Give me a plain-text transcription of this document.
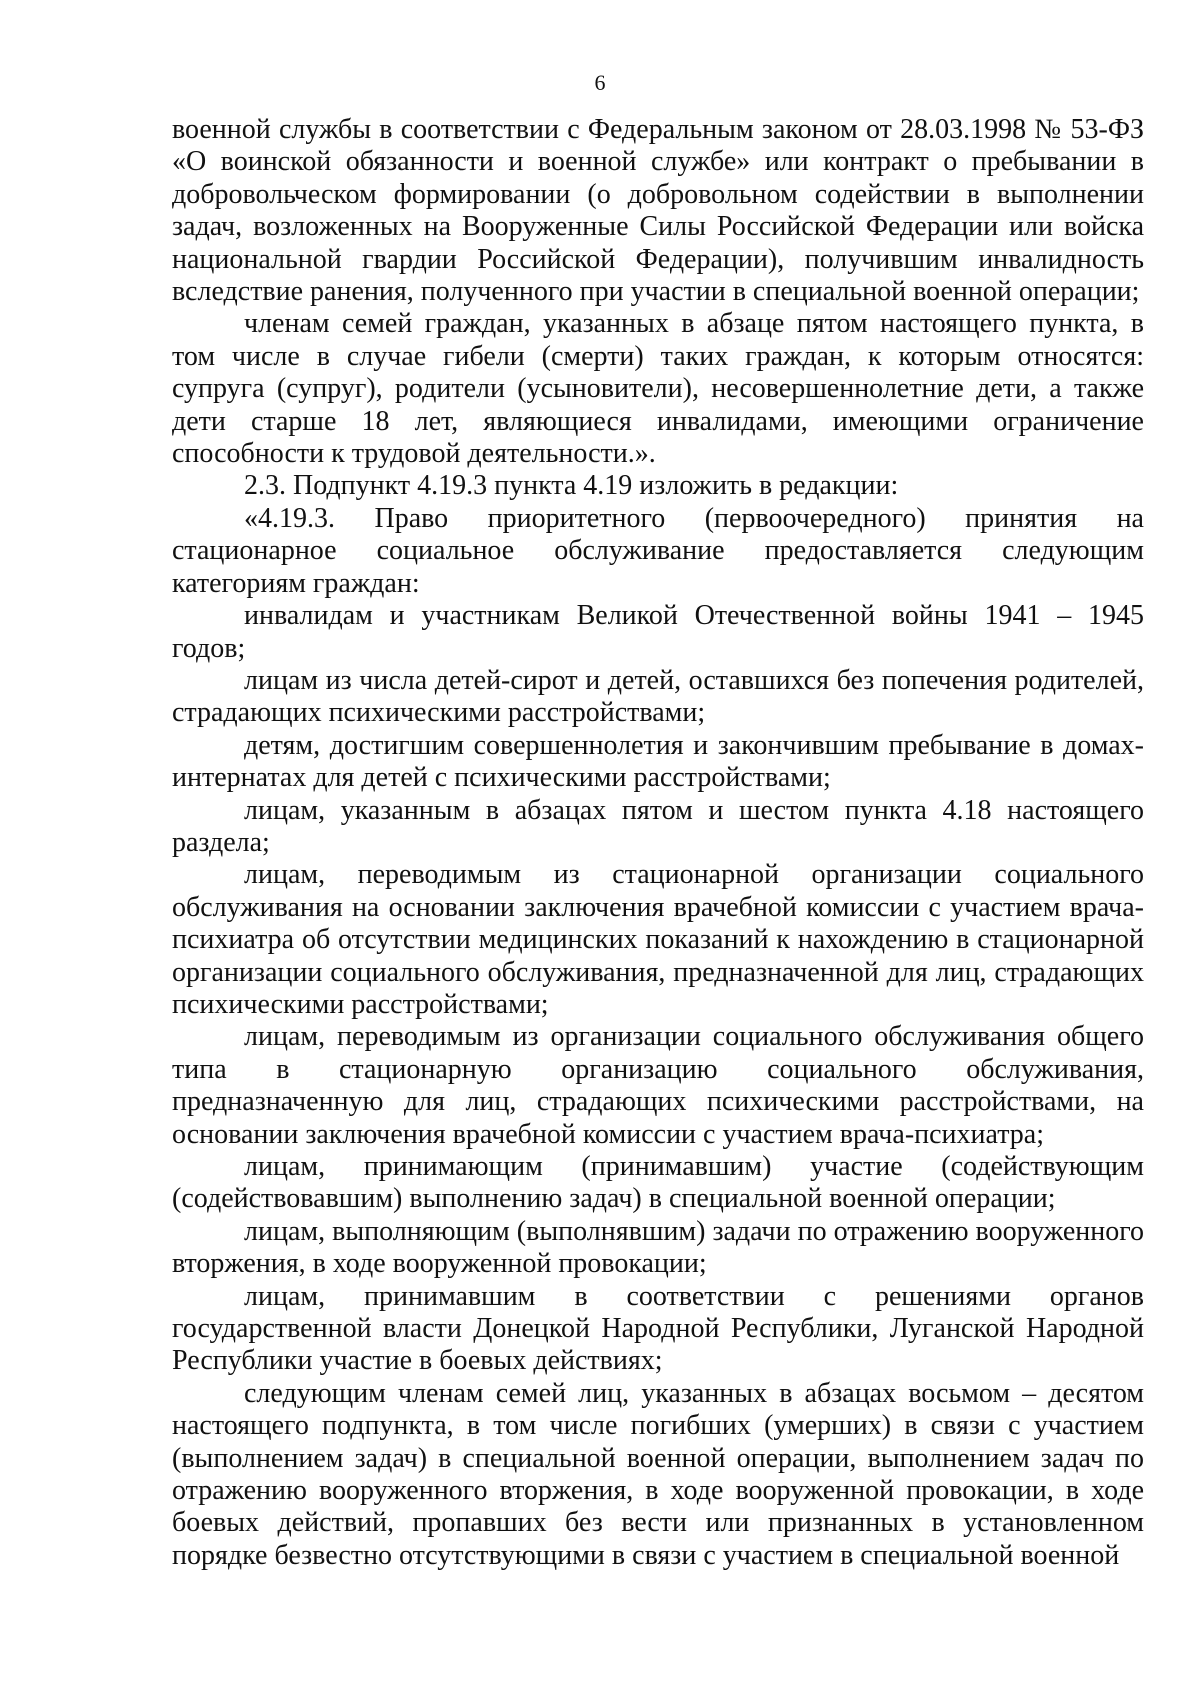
6

военной службы в соответствии с Федеральным законом от 28.03.1998 № 53-ФЗ «О воинской обязанности и военной службе» или контракт о пребывании в добровольческом формировании (о добровольном содействии в выполнении задач, возложенных на Вооруженные Силы Российской Федерации или войска национальной гвардии Российской Федерации), получившим инвалидность вследствие ранения, полученного при участии в специальной военной операции;

членам семей граждан, указанных в абзаце пятом настоящего пункта, в том числе в случае гибели (смерти) таких граждан, к которым относятся: супруга (супруг), родители (усыновители), несовершеннолетние дети, а также дети старше 18 лет, являющиеся инвалидами, имеющими ограничение способности к трудовой деятельности.».

2.3. Подпункт 4.19.3 пункта 4.19 изложить в редакции:

«4.19.3. Право приоритетного (первоочередного) принятия на стационарное социальное обслуживание предоставляется следующим категориям граждан:

инвалидам и участникам Великой Отечественной войны 1941 – 1945 годов;

лицам из числа детей-сирот и детей, оставшихся без попечения родителей, страдающих психическими расстройствами;

детям, достигшим совершеннолетия и закончившим пребывание в домах-интернатах для детей с психическими расстройствами;

лицам, указанным в абзацах пятом и шестом пункта 4.18 настоящего раздела;

лицам, переводимым из стационарной организации социального обслуживания на основании заключения врачебной комиссии с участием врача-психиатра об отсутствии медицинских показаний к нахождению в стационарной организации социального обслуживания, предназначенной для лиц, страдающих психическими расстройствами;

лицам, переводимым из организации социального обслуживания общего типа в стационарную организацию социального обслуживания, предназначенную для лиц, страдающих психическими расстройствами, на основании заключения врачебной комиссии с участием врача-психиатра;

лицам, принимающим (принимавшим) участие (содействующим (содействовавшим) выполнению задач) в специальной военной операции;

лицам, выполняющим (выполнявшим) задачи по отражению вооруженного вторжения, в ходе вооруженной провокации;

лицам, принимавшим в соответствии с решениями органов государственной власти Донецкой Народной Республики, Луганской Народной Республики участие в боевых действиях;

следующим членам семей лиц, указанных в абзацах восьмом – десятом настоящего подпункта, в том числе погибших (умерших) в связи с участием (выполнением задач) в специальной военной операции, выполнением задач по отражению вооруженного вторжения, в ходе вооруженной провокации, в ходе боевых действий, пропавших без вести или признанных в установленном порядке безвестно отсутствующими в связи с участием в специальной военной
